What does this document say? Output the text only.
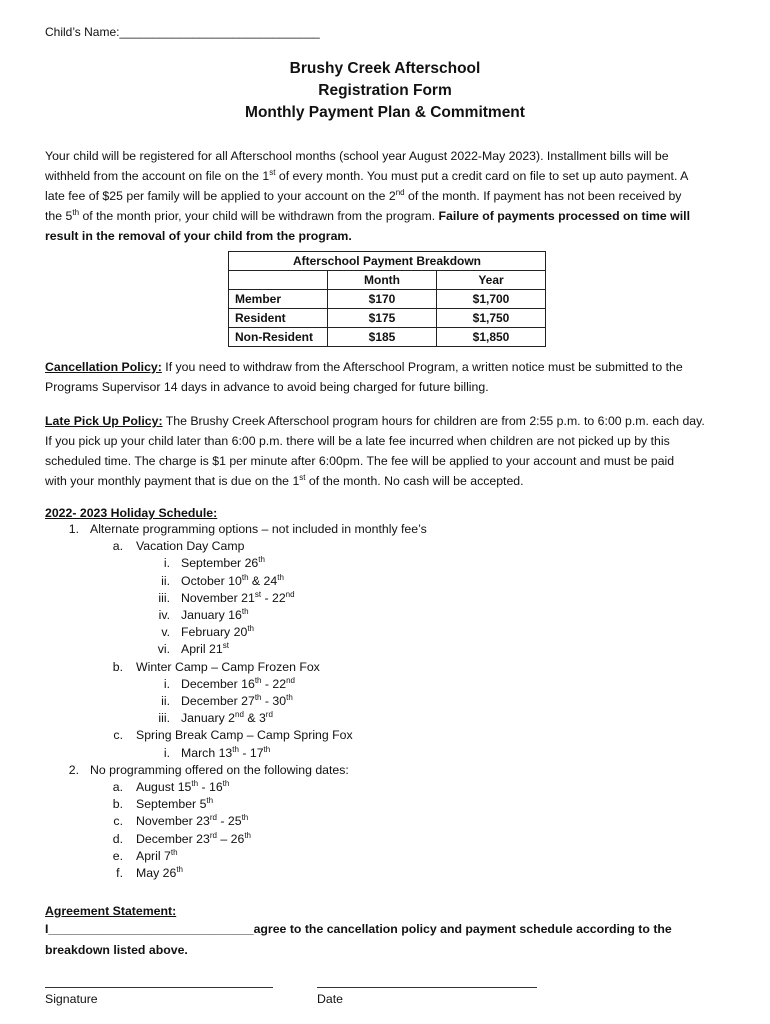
Child’s Name:______________________________
Brushy Creek Afterschool
Registration Form
Monthly Payment Plan & Commitment
Your child will be registered for all Afterschool months (school year August 2022-May 2023). Installment bills will be
withheld from the account on file on the 1st of every month. You must put a credit card on file to set up auto payment. A
late fee of $25 per family will be applied to your account on the 2nd of the month. If payment has not been received by
the 5th of the month prior, your child will be withdrawn from the program. Failure of payments processed on time will
result in the removal of your child from the program.
Afterschool Payment Breakdown		
	Month	Year
Member	$170	$1,700
Resident	$175	$1,750
Non-Resident	$185	$1,850
Cancellation Policy: If you need to withdraw from the Afterschool Program, a written notice must be submitted to the
Programs Supervisor 14 days in advance to avoid being charged for future billing.
Late Pick Up Policy: The Brushy Creek Afterschool program hours for children are from 2:55 p.m. to 6:00 p.m. each day.
If you pick up your child later than 6:00 p.m. there will be a late fee incurred when children are not picked up by this
scheduled time. The charge is $1 per minute after 6:00pm. The fee will be applied to your account and must be paid
with your monthly payment that is due on the 1st of the month. No cash will be accepted.
2022- 2023 Holiday Schedule:
1. Alternate programming options – not included in monthly fee’s
a. Vacation Day Camp
i. September 26th
ii. October 10th & 24th
iii. November 21st - 22nd
iv. January 16th
v. February 20th
vi. April 21st
b. Winter Camp – Camp Frozen Fox
i. December 16th - 22nd
ii. December 27th - 30th
iii. January 2nd & 3rd
c. Spring Break Camp – Camp Spring Fox
i. March 13th - 17th
2. No programming offered on the following dates:
a. August 15th - 16th
b. September 5th
c. November 23rd - 25th
d. December 23rd – 26th
e. April 7th
f. May 26th
Agreement Statement:
I______________________________agree to the cancellation policy and payment schedule according to the
breakdown listed above.
Signature	Date
